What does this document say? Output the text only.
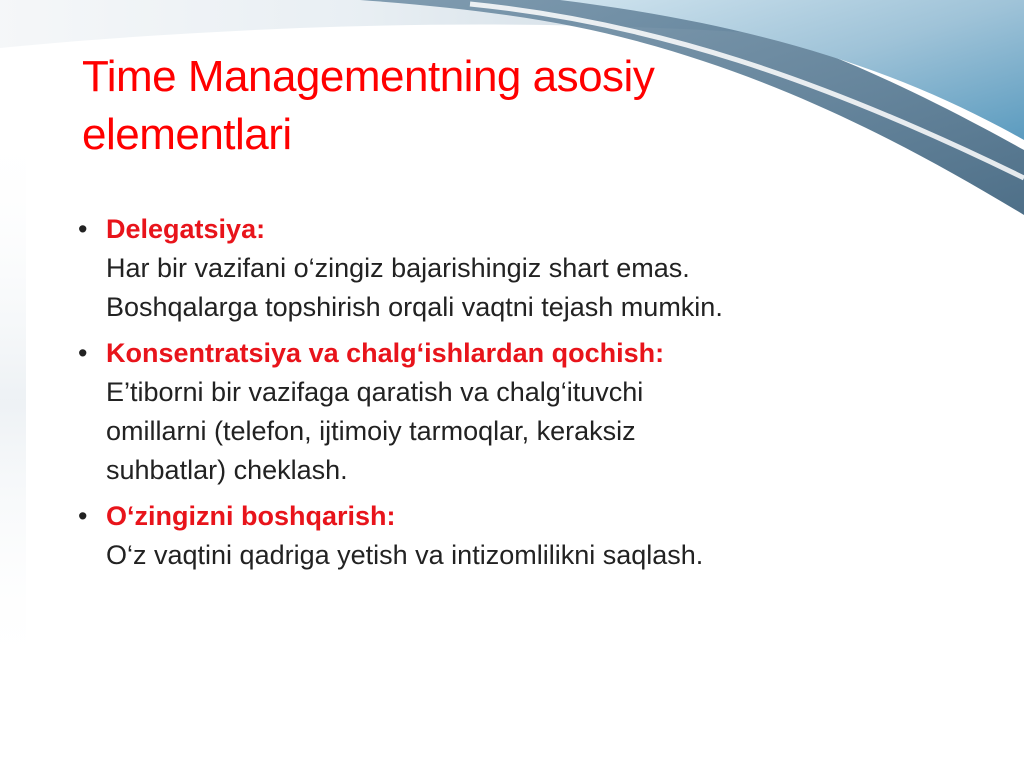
Time Managementning asosiy
elementlari
• Delegatsiya:
Har bir vazifani o‘zingiz bajarishingiz shart emas.
Boshqalarga topshirish orqali vaqtni tejash mumkin.
• Konsentratsiya va chalg‘ishlardan qochish:
E’tiborni bir vazifaga qaratish va chalg‘ituvchi
omillarni (telefon, ijtimoiy tarmoqlar, keraksiz
suhbatlar) cheklash.
• O‘zingizni boshqarish:
O‘z vaqtini qadriga yetish va intizomlilikni saqlash.
